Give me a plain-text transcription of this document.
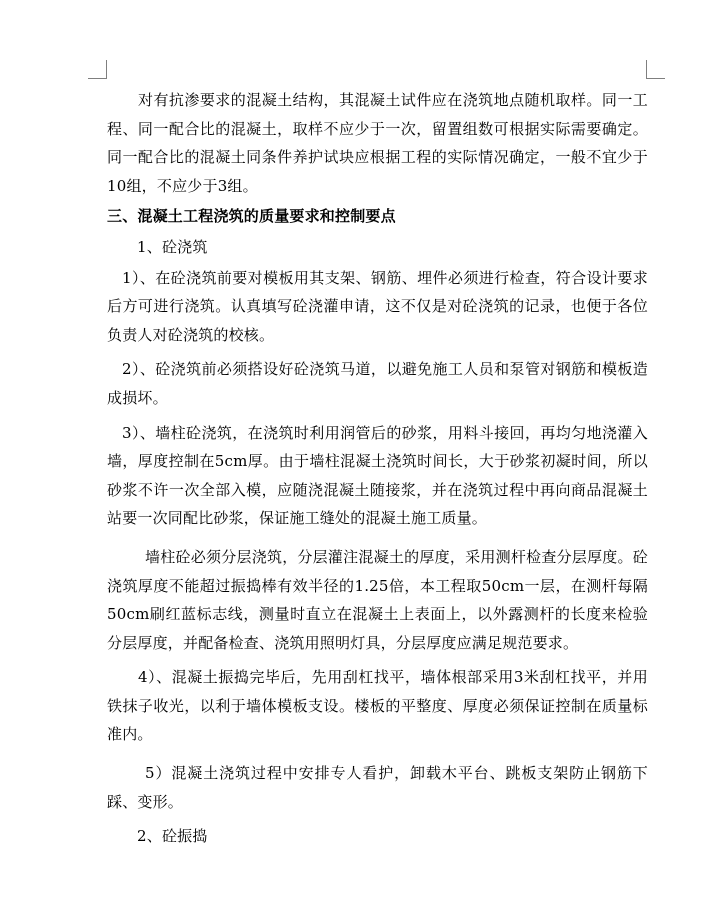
对有抗渗要求的混凝土结构，其混凝土试件应在浇筑地点随机取样。同一工程、同一配合比的混凝土，取样不应少于一次，留置组数可根据实际需要确定。同一配合比的混凝土同条件养护试块应根据工程的实际情况确定，一般不宜少于10组，不应少于3组。

三、混凝土工程浇筑的质量要求和控制要点

1、砼浇筑

1）、在砼浇筑前要对模板用其支架、钢筋、埋件必须进行检查，符合设计要求后方可进行浇筑。认真填写砼浇灌申请，这不仅是对砼浇筑的记录，也便于各位负责人对砼浇筑的校核。

2）、砼浇筑前必须搭设好砼浇筑马道，以避免施工人员和泵管对钢筋和模板造成损坏。

3）、墙柱砼浇筑，在浇筑时利用润管后的砂浆，用料斗接回，再均匀地浇灌入墙，厚度控制在5cm厚。由于墙柱混凝土浇筑时间长，大于砂浆初凝时间，所以砂浆不许一次全部入模，应随浇混凝土随接浆，并在浇筑过程中再向商品混凝土站要一次同配比砂浆，保证施工缝处的混凝土施工质量。

墙柱砼必须分层浇筑，分层灌注混凝土的厚度，采用测杆检查分层厚度。砼浇筑厚度不能超过振捣棒有效半径的1.25倍，本工程取50cm一层，在测杆每隔50cm刷红蓝标志线，测量时直立在混凝土上表面上，以外露测杆的长度来检验分层厚度，并配备检查、浇筑用照明灯具，分层厚度应满足规范要求。

4）、混凝土振捣完毕后，先用刮杠找平，墙体根部采用3米刮杠找平，并用铁抹子收光，以利于墙体模板支设。楼板的平整度、厚度必须保证控制在质量标准内。

5）混凝土浇筑过程中安排专人看护，卸载木平台、跳板支架防止钢筋下踩、变形。

2、砼振捣
